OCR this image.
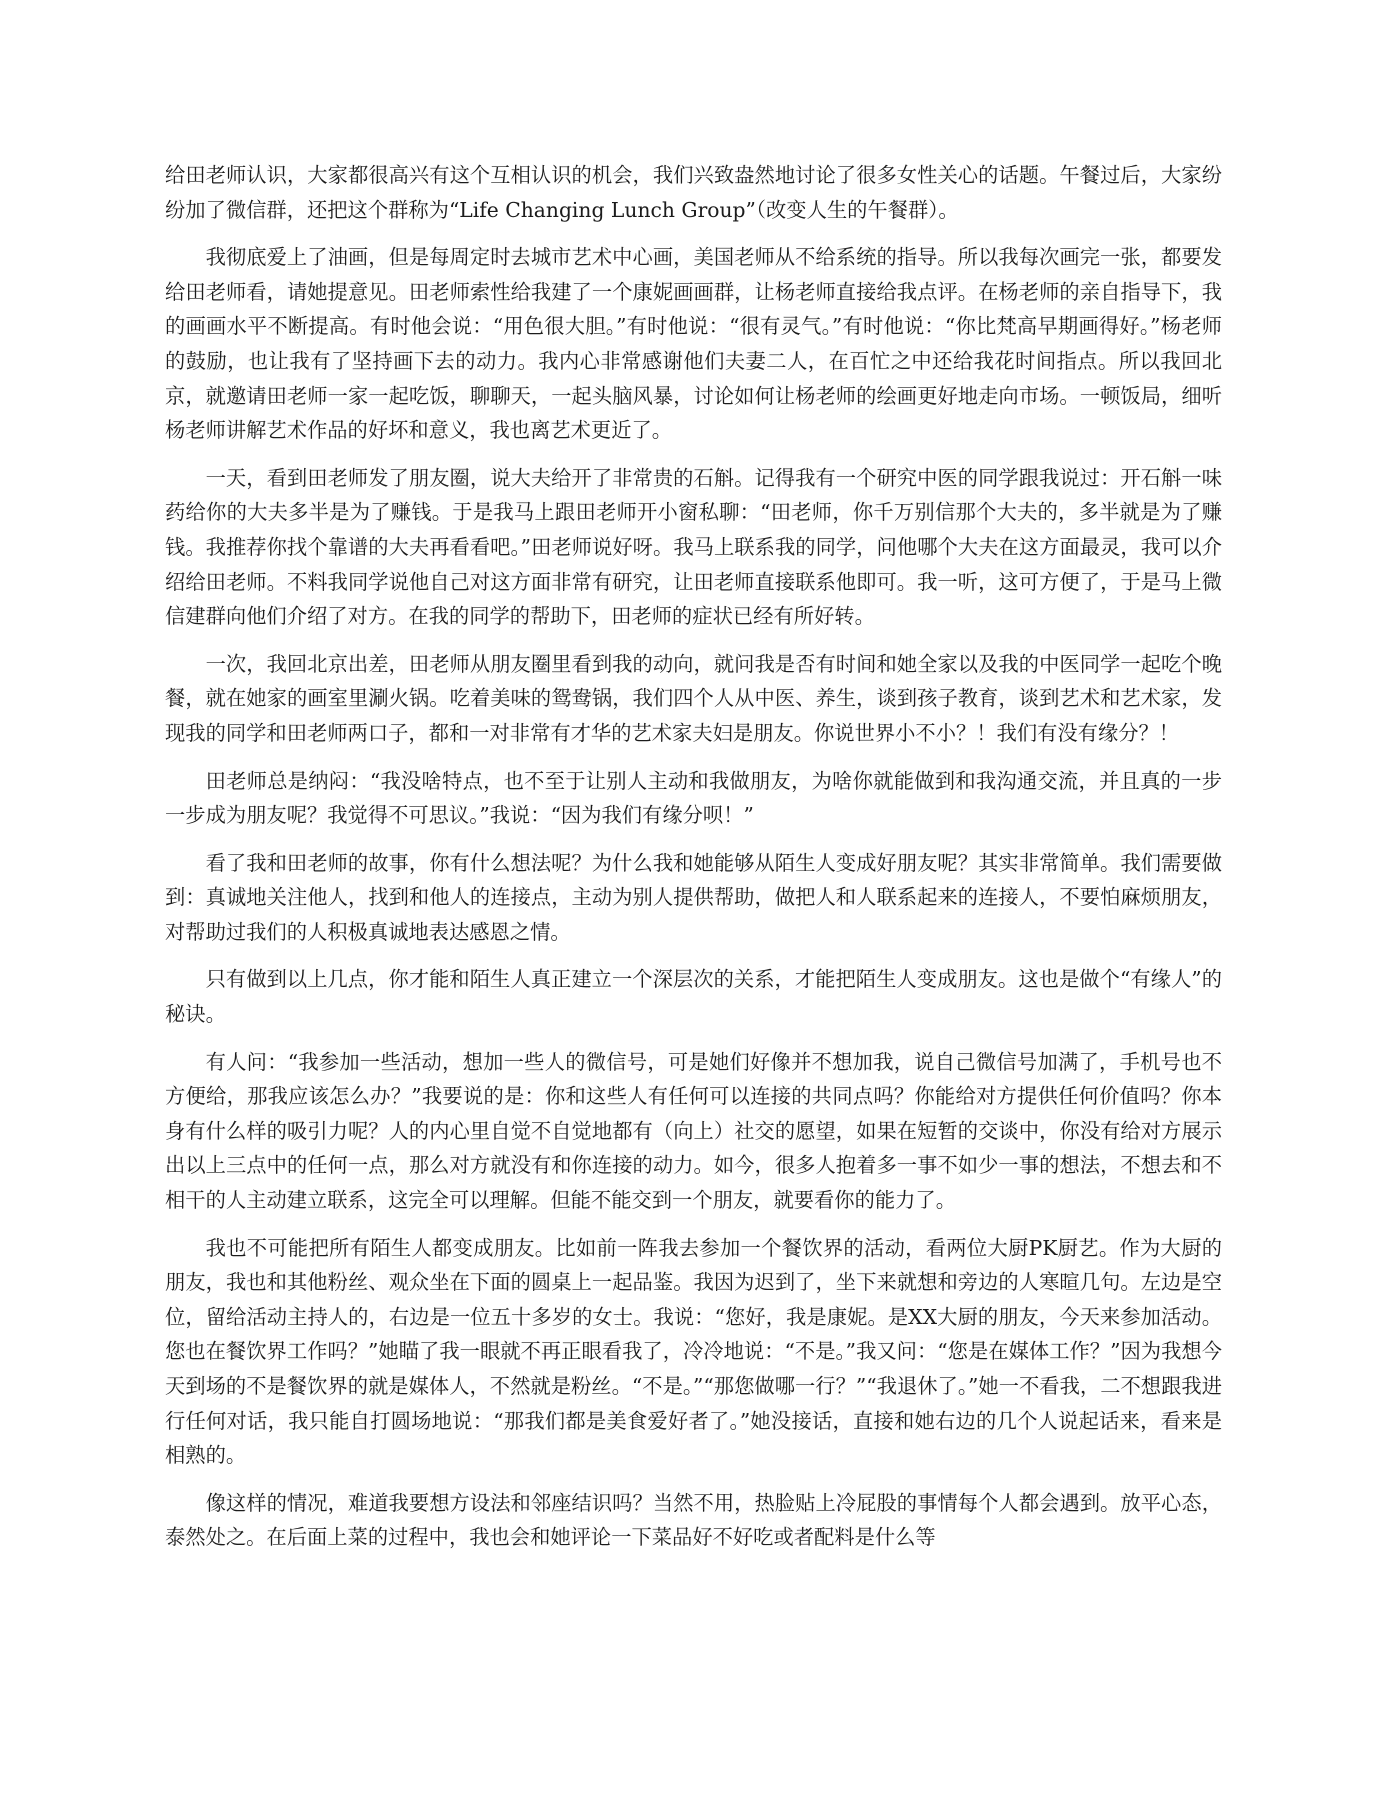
给田老师认识，大家都很高兴有这个互相认识的机会，我们兴致盎然地讨论了很多女性关心的话题。午餐过后，大家纷纷加了微信群，还把这个群称为“Life Changing Lunch Group”（改变人生的午餐群）。

我彻底爱上了油画，但是每周定时去城市艺术中心画，美国老师从不给系统的指导。所以我每次画完一张，都要发给田老师看，请她提意见。田老师索性给我建了一个康妮画画群，让杨老师直接给我点评。在杨老师的亲自指导下，我的画画水平不断提高。有时他会说：“用色很大胆。”有时他说：“很有灵气。”有时他说：“你比梵高早期画得好。”杨老师的鼓励，也让我有了坚持画下去的动力。我内心非常感谢他们夫妻二人，在百忙之中还给我花时间指点。所以我回北京，就邀请田老师一家一起吃饭，聊聊天，一起头脑风暴，讨论如何让杨老师的绘画更好地走向市场。一顿饭局，细听杨老师讲解艺术作品的好坏和意义，我也离艺术更近了。

一天，看到田老师发了朋友圈，说大夫给开了非常贵的石斛。记得我有一个研究中医的同学跟我说过：开石斛一味药给你的大夫多半是为了赚钱。于是我马上跟田老师开小窗私聊：“田老师，你千万别信那个大夫的，多半就是为了赚钱。我推荐你找个靠谱的大夫再看看吧。”田老师说好呀。我马上联系我的同学，问他哪个大夫在这方面最灵，我可以介绍给田老师。不料我同学说他自己对这方面非常有研究，让田老师直接联系他即可。我一听，这可方便了，于是马上微信建群向他们介绍了对方。在我的同学的帮助下，田老师的症状已经有所好转。

一次，我回北京出差，田老师从朋友圈里看到我的动向，就问我是否有时间和她全家以及我的中医同学一起吃个晚餐，就在她家的画室里涮火锅。吃着美味的鸳鸯锅，我们四个人从中医、养生，谈到孩子教育，谈到艺术和艺术家，发现我的同学和田老师两口子，都和一对非常有才华的艺术家夫妇是朋友。你说世界小不小？！我们有没有缘分？！

田老师总是纳闷：“我没啥特点，也不至于让别人主动和我做朋友，为啥你就能做到和我沟通交流，并且真的一步一步成为朋友呢？我觉得不可思议。”我说：“因为我们有缘分呗！”

看了我和田老师的故事，你有什么想法呢？为什么我和她能够从陌生人变成好朋友呢？其实非常简单。我们需要做到：真诚地关注他人，找到和他人的连接点，主动为别人提供帮助，做把人和人联系起来的连接人，不要怕麻烦朋友，对帮助过我们的人积极真诚地表达感恩之情。

只有做到以上几点，你才能和陌生人真正建立一个深层次的关系，才能把陌生人变成朋友。这也是做个“有缘人”的秘诀。

有人问：“我参加一些活动，想加一些人的微信号，可是她们好像并不想加我，说自己微信号加满了，手机号也不方便给，那我应该怎么办？”我要说的是：你和这些人有任何可以连接的共同点吗？你能给对方提供任何价值吗？你本身有什么样的吸引力呢？人的内心里自觉不自觉地都有（向上）社交的愿望，如果在短暂的交谈中，你没有给对方展示出以上三点中的任何一点，那么对方就没有和你连接的动力。如今，很多人抱着多一事不如少一事的想法，不想去和不相干的人主动建立联系，这完全可以理解。但能不能交到一个朋友，就要看你的能力了。

我也不可能把所有陌生人都变成朋友。比如前一阵我去参加一个餐饮界的活动，看两位大厨PK厨艺。作为大厨的朋友，我也和其他粉丝、观众坐在下面的圆桌上一起品鉴。我因为迟到了，坐下来就想和旁边的人寒暄几句。左边是空位，留给活动主持人的，右边是一位五十多岁的女士。我说：“您好，我是康妮。是XX大厨的朋友，今天来参加活动。您也在餐饮界工作吗？”她瞄了我一眼就不再正眼看我了，冷冷地说：“不是。”我又问：“您是在媒体工作？”因为我想今天到场的不是餐饮界的就是媒体人，不然就是粉丝。“不是。”“那您做哪一行？”“我退休了。”她一不看我，二不想跟我进行任何对话，我只能自打圆场地说：“那我们都是美食爱好者了。”她没接话，直接和她右边的几个人说起话来，看来是相熟的。

像这样的情况，难道我要想方设法和邻座结识吗？当然不用，热脸贴上冷屁股的事情每个人都会遇到。放平心态，泰然处之。在后面上菜的过程中，我也会和她评论一下菜品好不好吃或者配料是什么等
